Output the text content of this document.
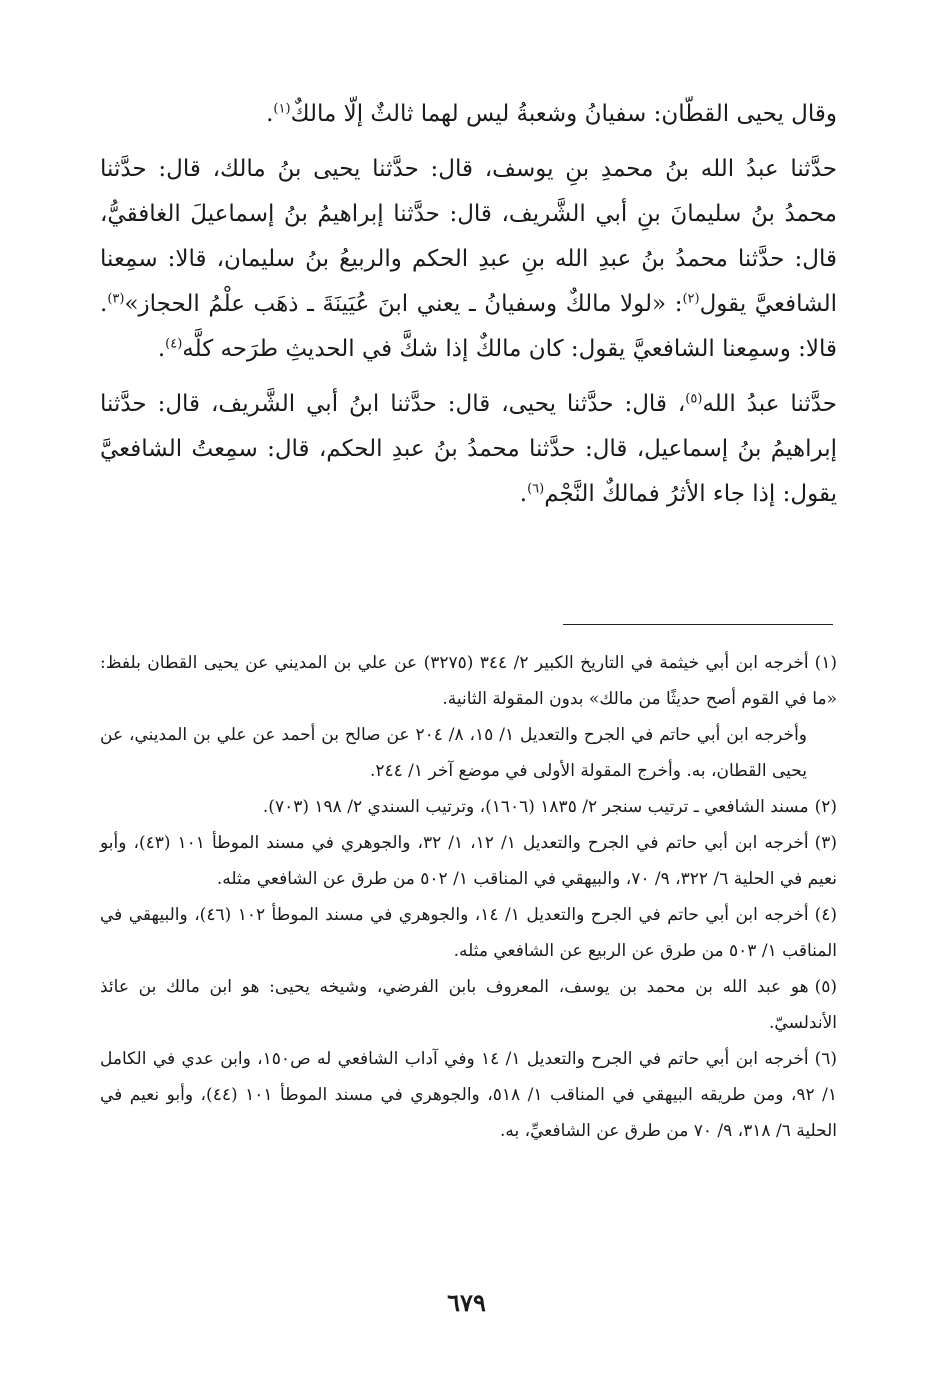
وقال يحيى القطّان: سفيانُ وشعبةُ ليس لهما ثالثٌ إلّا مالكٌ$^{(١)}$.

حدَّثنا عبدُ الله بنُ محمدِ بنِ يوسف، قال: حدَّثنا يحيى بنُ مالك، قال: حدَّثنا محمدُ بنُ سليمانَ بنِ أبي الشَّريف، قال: حدَّثنا إبراهيمُ بنُ إسماعيلَ الغافقيُّ، قال: حدَّثنا محمدُ بنُ عبدِ الله بنِ عبدِ الحكم والربيعُ بنُ سليمان، قالا: سمِعنا الشافعيَّ يقول$^{(٢)}$: «لولا مالكٌ وسفيانُ ـ يعني ابنَ عُيَينَةَ ـ ذهَب علْمُ الحجاز»$^{(٣)}$. قالا: وسمِعنا الشافعيَّ يقول: كان مالكٌ إذا شكَّ في الحديثِ طرَحه كلَّه$^{(٤)}$.

حدَّثنا عبدُ الله$^{(٥)}$، قال: حدَّثنا يحيى، قال: حدَّثنا ابنُ أبي الشَّريف، قال: حدَّثنا إبراهيمُ بنُ إسماعيل، قال: حدَّثنا محمدُ بنُ عبدِ الحكم، قال: سمِعتُ الشافعيَّ يقول: إذا جاء الأثرُ فمالكٌ النَّجْم$^{(٦)}$.

(١)أخرجه ابن أبي خيثمة في التاريخ الكبير ٢/ ٣٤٤ (٣٢٧٥) عن علي بن المديني عن يحيى القطان بلفظ: «ما في القوم أصح حديثًا من مالك» بدون المقولة الثانية.

وأخرجه ابن أبي حاتم في الجرح والتعديل ١/ ١٥، ٨/ ٢٠٤ عن صالح بن أحمد عن علي بن المديني، عن يحيى القطان، به. وأخرج المقولة الأولى في موضع آخر ١/ ٢٤٤.

(٢)مسند الشافعي ـ ترتيب سنجر ٢/ ١٨٣٥ (١٦٠٦)، وترتيب السندي ٢/ ١٩٨ (٧٠٣).

(٣)أخرجه ابن أبي حاتم في الجرح والتعديل ١/ ١٢، ١/ ٣٢، والجوهري في مسند الموطأ ١٠١ (٤٣)، وأبو نعيم في الحلية ٦/ ٣٢٢، ٩/ ٧٠، والبيهقي في المناقب ١/ ٥٠٢ من طرق عن الشافعي مثله.

(٤)أخرجه ابن أبي حاتم في الجرح والتعديل ١/ ١٤، والجوهري في مسند الموطأ ١٠٢ (٤٦)، والبيهقي في المناقب ١/ ٥٠٣ من طرق عن الربيع عن الشافعي مثله.

(٥)هو عبد الله بن محمد بن يوسف، المعروف بابن الفرضي، وشيخه يحيى: هو ابن مالك بن عائذ الأندلسيّ.

(٦)أخرجه ابن أبي حاتم في الجرح والتعديل ١/ ١٤ وفي آداب الشافعي له ص١٥٠، وابن عدي في الكامل ١/ ٩٢، ومن طريقه البيهقي في المناقب ١/ ٥١٨، والجوهري في مسند الموطأ ١٠١ (٤٤)، وأبو نعيم في الحلية ٦/ ٣١٨، ٩/ ٧٠ من طرق عن الشافعيِّ، به.

٦٧٩
